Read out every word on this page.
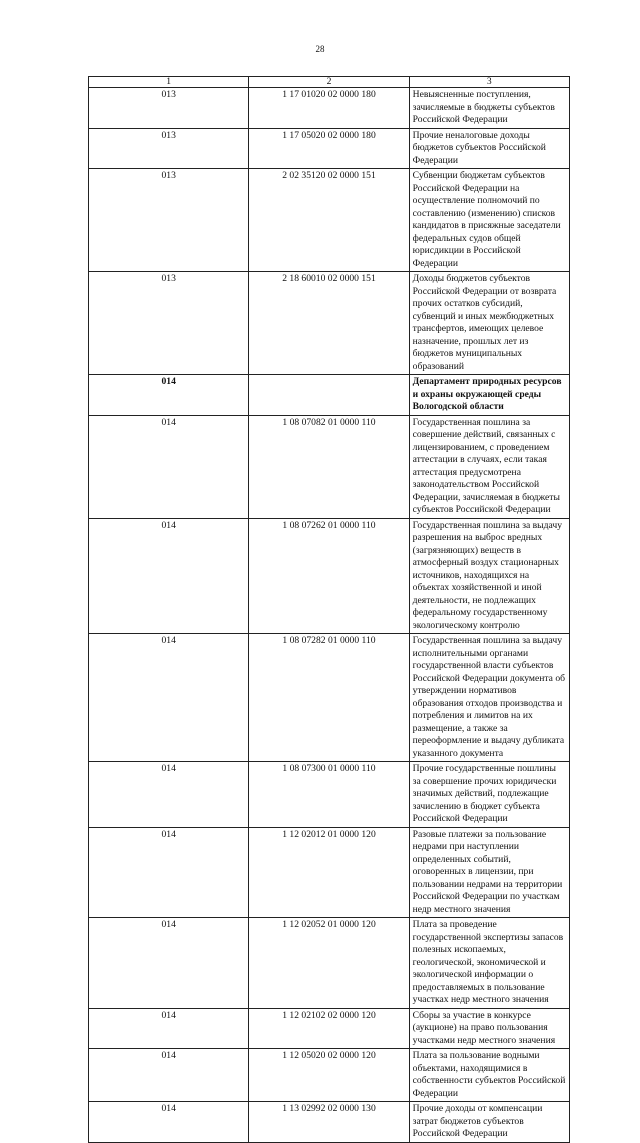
28
1	2	3
013	1 17 01020 02 0000 180	Невыясненные поступления, зачисляемые в бюджеты субъектов Российской Федерации
013	1 17 05020 02 0000 180	Прочие неналоговые доходы бюджетов субъектов Российской Федерации
013	2 02 35120 02 0000 151	Субвенции бюджетам субъектов Российской Федерации на осуществление полномочий по составлению (изменению) списков кандидатов в присяжные заседатели федеральных судов общей юрисдикции в Российской Федерации
013	2 18 60010 02 0000 151	Доходы бюджетов субъектов Российской Федерации от возврата прочих остатков субсидий, субвенций и иных межбюджетных трансфертов, имеющих целевое назначение, прошлых лет из бюджетов муниципальных образований
014		Департамент природных ресурсов и охраны окружающей среды Вологодской области
014	1 08 07082 01 0000 110	Государственная пошлина за совершение действий, связанных с лицензированием, с проведением аттестации в случаях, если такая аттестация предусмотрена законодательством Российской Федерации, зачисляемая в бюджеты субъектов Российской Федерации
014	1 08 07262 01 0000 110	Государственная пошлина за выдачу разрешения на выброс вредных (загрязняющих) веществ в атмосферный воздух стационарных источников, находящихся на объектах хозяйственной и иной деятельности, не подлежащих федеральному государственному экологическому контролю
014	1 08 07282 01 0000 110	Государственная пошлина за выдачу исполнительными органами государственной власти субъектов Российской Федерации документа об утверждении нормативов образования отходов производства и потребления и лимитов на их размещение, а также за переоформление и выдачу дубликата указанного документа
014	1 08 07300 01 0000 110	Прочие государственные пошлины за совершение прочих юридически значимых действий, подлежащие зачислению в бюджет субъекта Российской Федерации
014	1 12 02012 01 0000 120	Разовые платежи за пользование недрами при наступлении определенных событий, оговоренных в лицензии, при пользовании недрами на территории Российской Федерации по участкам недр местного значения
014	1 12 02052 01 0000 120	Плата за проведение государственной экспертизы запасов полезных ископаемых, геологической, экономической и экологической информации о предоставляемых в пользование участках недр местного значения
014	1 12 02102 02 0000 120	Сборы за участие в конкурсе (аукционе) на право пользования участками недр местного значения
014	1 12 05020 02 0000 120	Плата за пользование водными объектами, находящимися в собственности субъектов Российской Федерации
014	1 13 02992 02 0000 130	Прочие доходы от компенсации затрат бюджетов субъектов Российской Федерации
